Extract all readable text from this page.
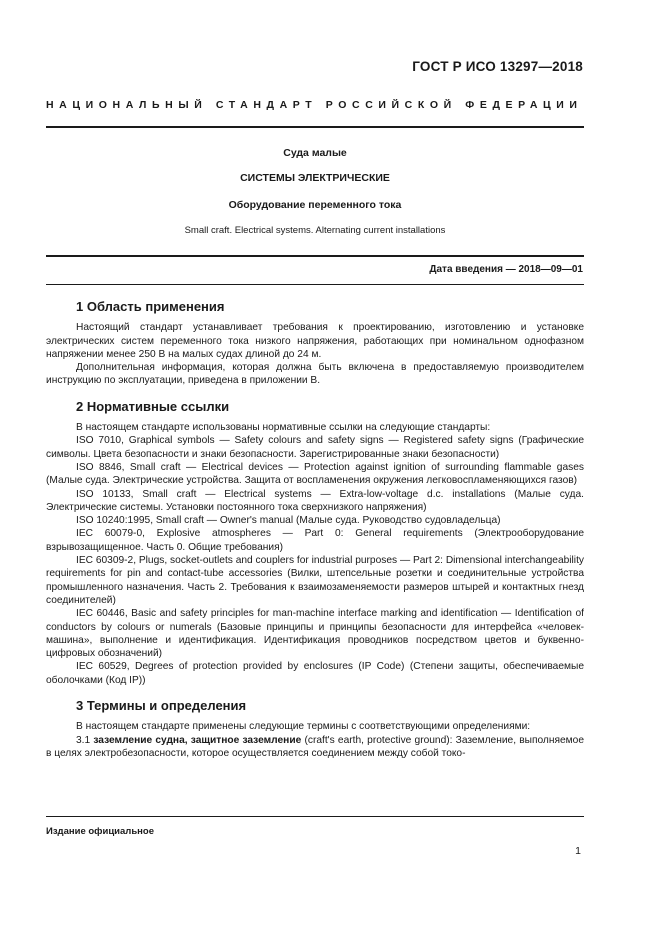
ГОСТ Р ИСО 13297—2018
НАЦИОНАЛЬНЫЙ СТАНДАРТ РОССИЙСКОЙ ФЕДЕРАЦИИ
Суда малые
СИСТЕМЫ ЭЛЕКТРИЧЕСКИЕ
Оборудование переменного тока
Small craft. Electrical systems. Alternating current installations
Дата введения — 2018—09—01
1 Область применения

Настоящий стандарт устанавливает требования к проектированию, изготовлению и установке электрических систем переменного тока низкого напряжения, работающих при номинальном однофазном напряжении менее 250 В на малых судах длиной до 24 м.

Дополнительная информация, которая должна быть включена в предоставляемую производителем инструкцию по эксплуатации, приведена в приложении В.

2 Нормативные ссылки

В настоящем стандарте использованы нормативные ссылки на следующие стандарты:

ISO 7010, Graphical symbols — Safety colours and safety signs — Registered safety signs (Графические символы. Цвета безопасности и знаки безопасности. Зарегистрированные знаки безопасности)

ISO 8846, Small craft — Electrical devices — Protection against ignition of surrounding flammable gases (Малые суда. Электрические устройства. Защита от воспламенения окружения легковоспламеняющихся газов)

ISO 10133, Small craft — Electrical systems — Extra-low-voltage d.c. installations (Малые суда. Электрические системы. Установки постоянного тока сверхнизкого напряжения)

ISO 10240:1995, Small craft — Owner's manual (Малые суда. Руководство судовладельца)

IEC 60079-0, Explosive atmospheres — Part 0: General requirements (Электрооборудование взрывозащищенное. Часть 0. Общие требования)

IEC 60309-2, Plugs, socket-outlets and couplers for industrial purposes — Part 2: Dimensional interchangeability requirements for pin and contact-tube accessories (Вилки, штепсельные розетки и соединительные устройства промышленного назначения. Часть 2. Требования к взаимозаменяемости размеров штырей и контактных гнезд соединителей)

IEC 60446, Basic and safety principles for man-machine interface marking and identification — Identification of conductors by colours or numerals (Базовые принципы и принципы безопасности для интерфейса «человек-машина», выполнение и идентификация. Идентификация проводников посредством цветов и буквенно-цифровых обозначений)

IEC 60529, Degrees of protection provided by enclosures (IP Code) (Степени защиты, обеспечиваемые оболочками (Код IP))

3 Термины и определения

В настоящем стандарте применены следующие термины с соответствующими определениями:

3.1 заземление судна, защитное заземление (craft's earth, protective ground): Заземление, выполняемое в целях электробезопасности, которое осуществляется соединением между собой токо-

Издание официальное
1
